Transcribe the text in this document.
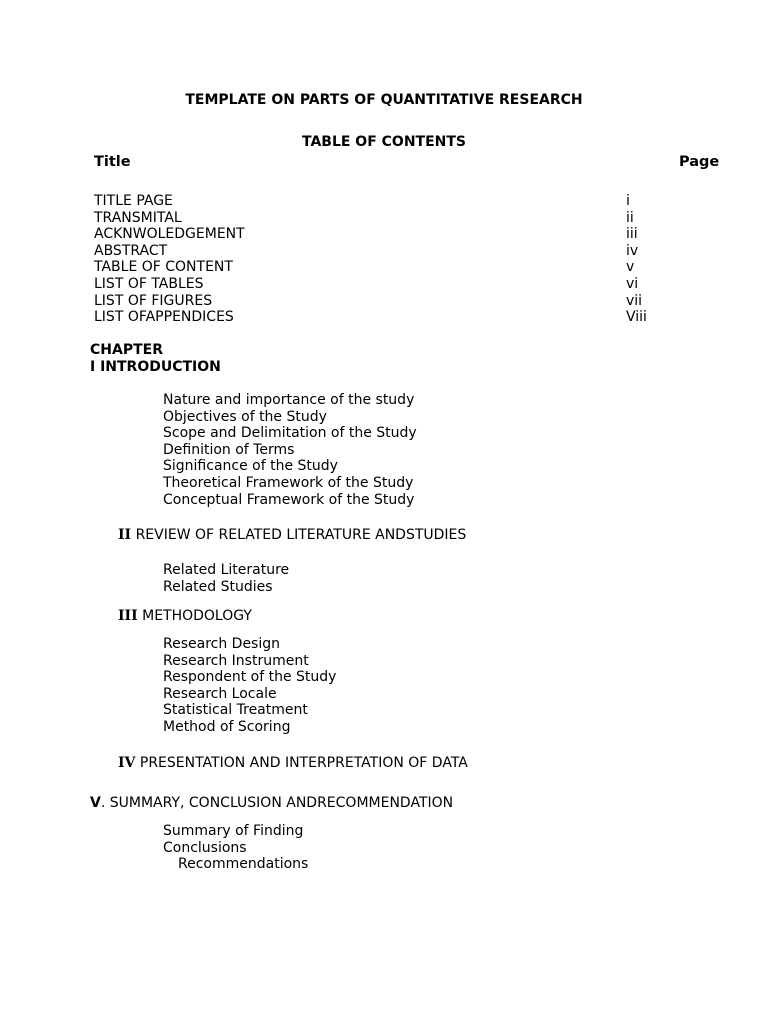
TEMPLATE ON PARTS OF QUANTITATIVE RESEARCH
TABLE OF CONTENTS
Title	Page
TITLE PAGE
TRANSMITAL
ACKNWOLEDGEMENT
ABSTRACT
TABLE OF CONTENT
LIST OF TABLES
LIST OF FIGURES
LIST OFAPPENDICES
i
ii
iii
iv
v
vi
vii
Viii
CHAPTER
I INTRODUCTION
Nature and importance of the study
Objectives of the Study
Scope and Delimitation of the Study
Definition of Terms
Significance of the Study
Theoretical Framework of the Study
Conceptual Framework of the Study
II REVIEW OF RELATED LITERATURE ANDSTUDIES
Related Literature
Related Studies
III METHODOLOGY
Research Design
Research Instrument
Respondent of the Study
Research Locale
Statistical Treatment
Method of Scoring
IV PRESENTATION AND INTERPRETATION OF DATA
V. SUMMARY, CONCLUSION ANDRECOMMENDATION
Summary of Finding
Conclusions
Recommendations
